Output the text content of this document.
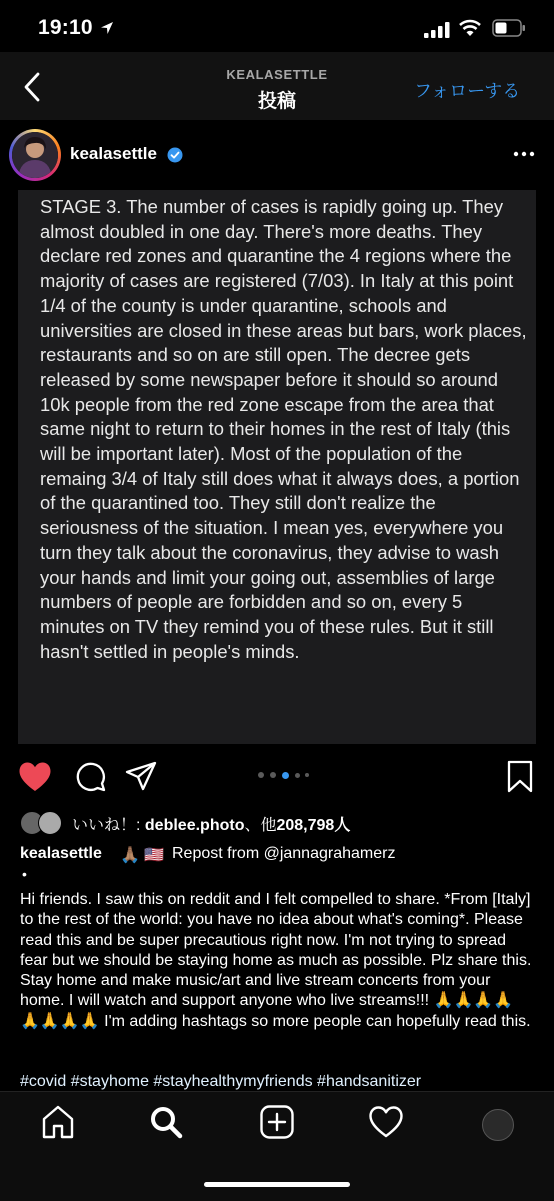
19:10
KEALASETTLE
投稿	フォローする
kealasettle
STAGE 3. The number of cases is rapidly going up. They almost doubled in one day. There's more deaths. They declare red zones and quarantine the 4 regions where the majority of cases are registered (7/03). In Italy at this point 1/4 of the county is under quarantine, schools and universities are closed in these areas but bars, work places, restaurants and so on are still open. The decree gets released by some newspaper before it should so around 10k people from the red zone escape from the area that same night to return to their homes in the rest of Italy (this will be important later). Most of the population of the remaing 3/4 of Italy still does what it always does, a portion of the quarantined too. They still don't realize the seriousness of the situation. I mean yes, everywhere you turn they talk about the coronavirus, they advise to wash your hands and limit your going out, assemblies of large numbers of people are forbidden and so on, every 5 minutes on TV they remind you of these rules. But it still hasn't settled in people's minds.
いいね！: deblee.photo、他208,798人
kealasettle 🙏🏽 🇺🇸 Repost from @jannagrahamerz
•
Hi friends. I saw this on reddit and I felt compelled to share. *From [Italy] to the rest of the world: you have no idea about what's coming*. Please read this and be super precautious right now. I'm not trying to spread fear but we should be staying home as much as possible. Plz share this. Stay home and make music/art and live stream concerts from your home. I will watch and support anyone who live streams!!! 🙏🙏🙏🙏
🙏🙏🙏🙏 I'm adding hashtags so more people can hopefully read this.
#covid #stayhome #stayhealthymyfriends #handsanitizer
